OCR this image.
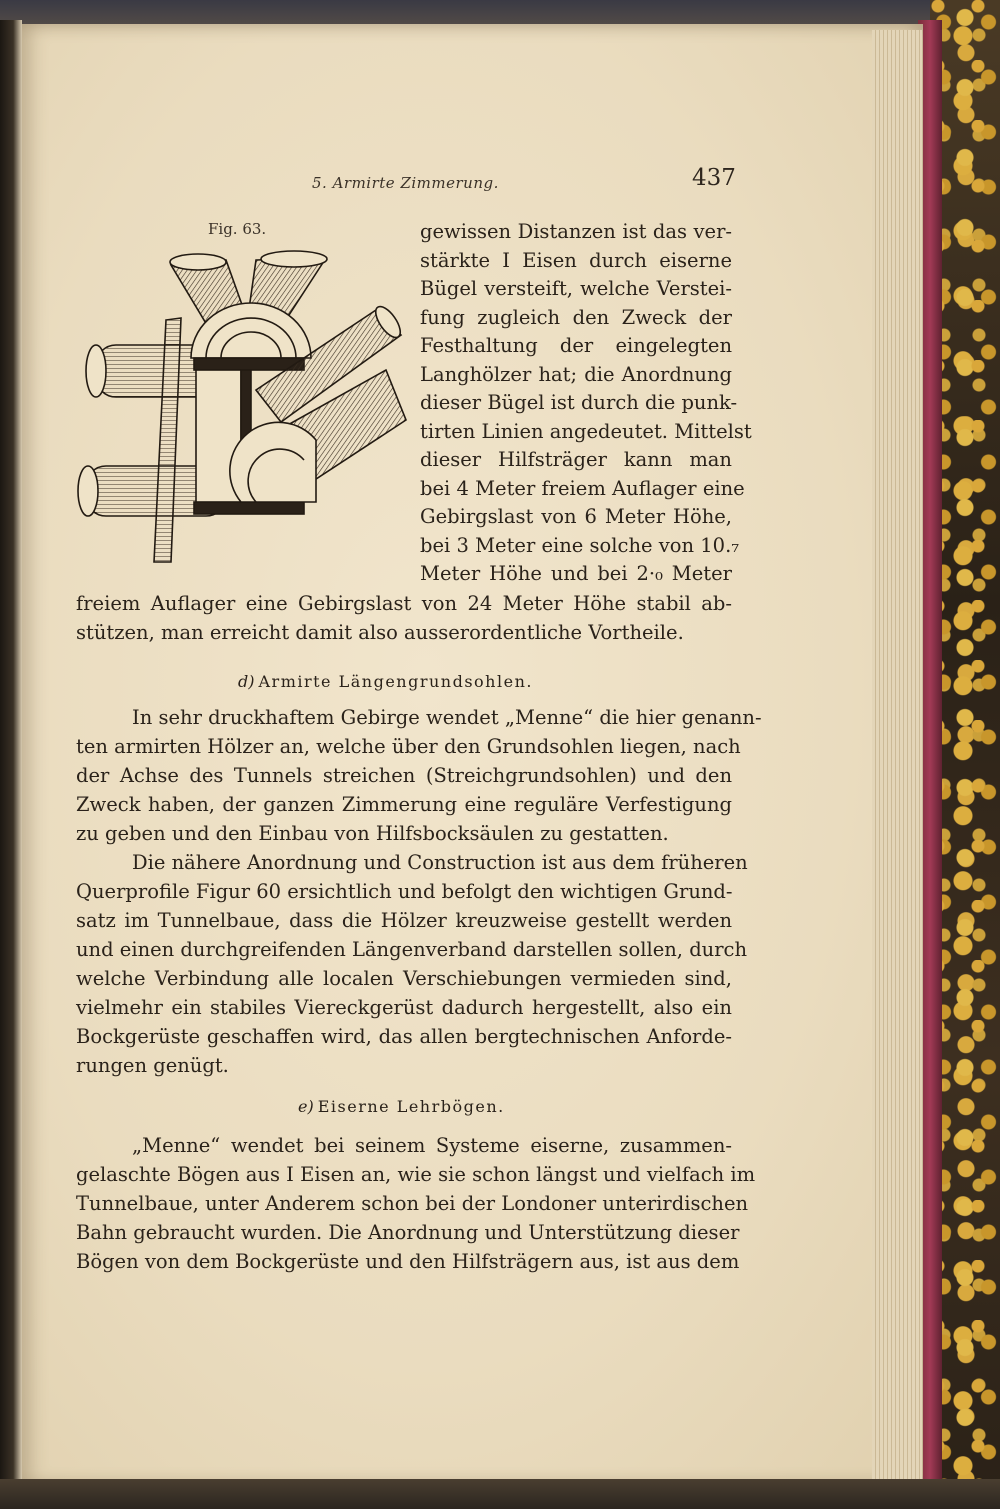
5. Armirte Zimmerung.	437
Fig. 63.	gewissen Distanzen ist das ver-
stärkte I Eisen durch eiserne
Bügel versteift, welche Verstei-
fung zugleich den Zweck der
Festhaltung der eingelegten
Langhölzer hat; die Anordnung
dieser Bügel ist durch die punk-
tirten Linien angedeutet. Mittelst
dieser Hilfsträger kann man
bei 4 Meter freiem Auflager eine
Gebirgslast von 6 Meter Höhe,
bei 3 Meter eine solche von 10.₇
Meter Höhe und bei 2·₀ Meter
freiem Auflager eine Gebirgslast von 24 Meter Höhe stabil ab-
stützen, man erreicht damit also ausserordentliche Vortheile.
d) Armirte Längengrundsohlen.
In sehr druckhaftem Gebirge wendet „Menne“ die hier genann-
ten armirten Hölzer an, welche über den Grundsohlen liegen, nach
der Achse des Tunnels streichen (Streichgrundsohlen) und den
Zweck haben, der ganzen Zimmerung eine reguläre Verfestigung
zu geben und den Einbau von Hilfsbocksäulen zu gestatten.
Die nähere Anordnung und Construction ist aus dem früheren
Querprofile Figur 60 ersichtlich und befolgt den wichtigen Grund-
satz im Tunnelbaue, dass die Hölzer kreuzweise gestellt werden
und einen durchgreifenden Längenverband darstellen sollen, durch
welche Verbindung alle localen Verschiebungen vermieden sind,
vielmehr ein stabiles Viereckgerüst dadurch hergestellt, also ein
Bockgerüste geschaffen wird, das allen bergtechnischen Anforde-
rungen genügt.
e) Eiserne Lehrbögen.
„Menne“ wendet bei seinem Systeme eiserne, zusammen-
gelaschte Bögen aus I Eisen an, wie sie schon längst und vielfach im
Tunnelbaue, unter Anderem schon bei der Londoner unterirdischen
Bahn gebraucht wurden. Die Anordnung und Unterstützung dieser
Bögen von dem Bockgerüste und den Hilfsträgern aus, ist aus dem
